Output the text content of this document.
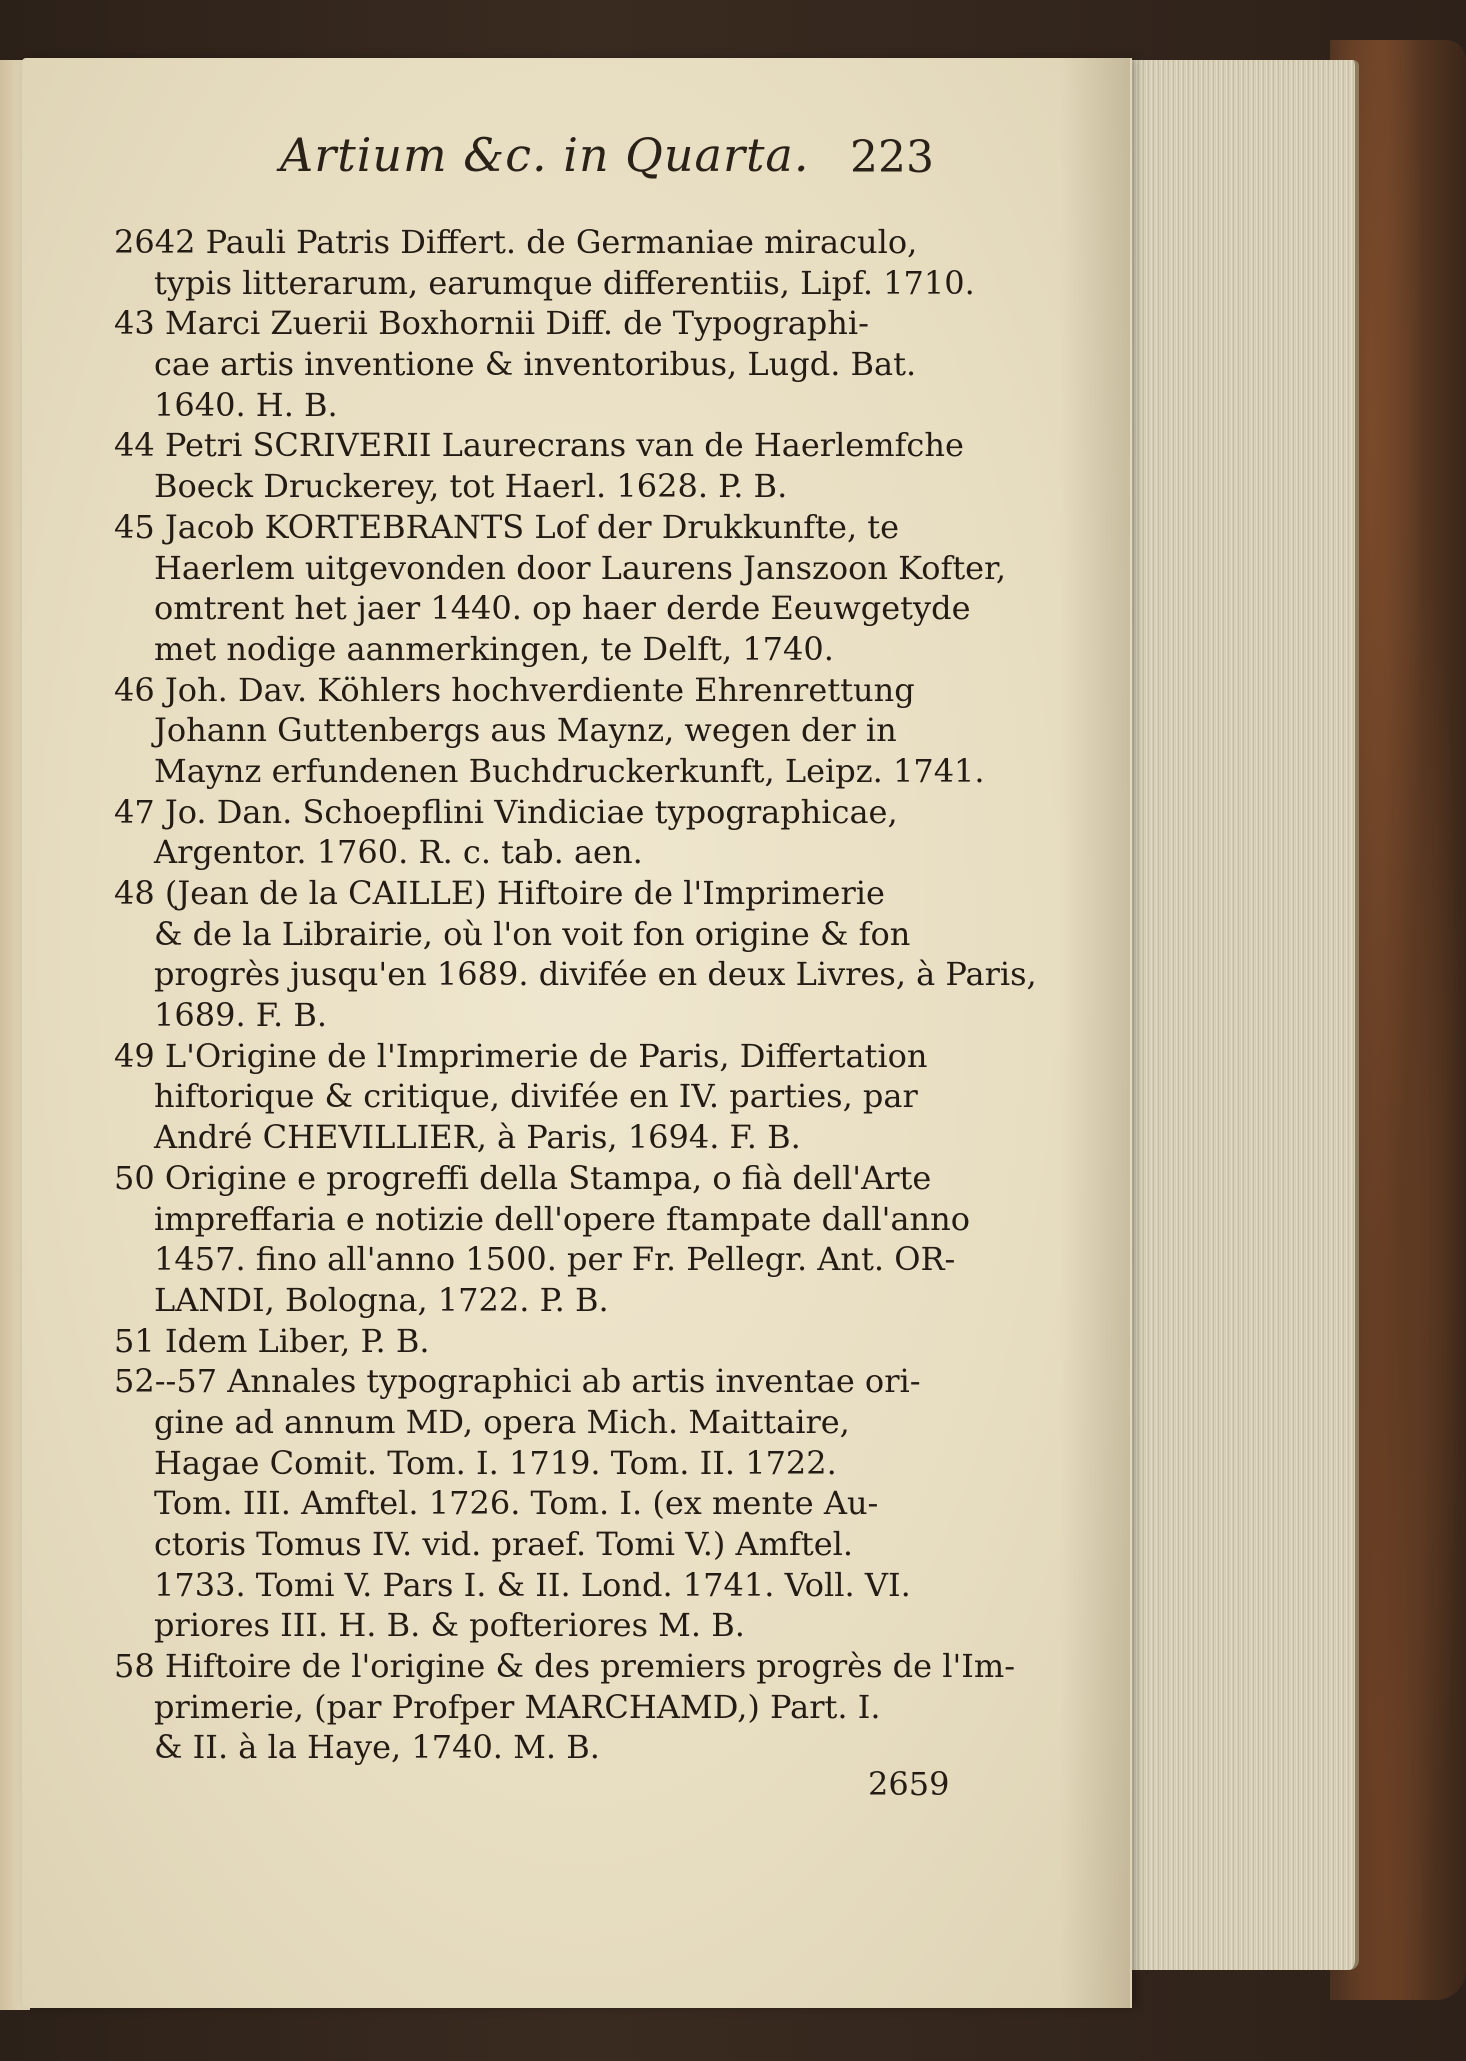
Artium &c. in Quarta. 223
2642 Pauli Patris Differt. de Germaniae miraculo,
typis litterarum, earumque differentiis, Lipf. 1710.
43 Marci Zuerii Boxhornii Diff. de Typographi-
cae artis inventione & inventoribus, Lugd. Bat.
1640. H. B.
44 Petri SCRIVERII Laurecrans van de Haerlemfche
Boeck Druckerey, tot Haerl. 1628. P. B.
45 Jacob KORTEBRANTS Lof der Drukkunfte, te
Haerlem uitgevonden door Laurens Janszoon Kofter,
omtrent het jaer 1440. op haer derde Eeuwgetyde
met nodige aanmerkingen, te Delft, 1740.
46 Joh. Dav. Köhlers hochverdiente Ehrenrettung
Johann Guttenbergs aus Maynz, wegen der in
Maynz erfundenen Buchdruckerkunft, Leipz. 1741.
47 Jo. Dan. Schoepflini Vindiciae typographicae,
Argentor. 1760. R. c. tab. aen.
48 (Jean de la CAILLE) Hiftoire de l'Imprimerie
& de la Librairie, où l'on voit fon origine & fon
progrès jusqu'en 1689. divifée en deux Livres, à Paris,
1689. F. B.
49 L'Origine de l'Imprimerie de Paris, Differtation
hiftorique & critique, divifée en IV. parties, par
André CHEVILLIER, à Paris, 1694. F. B.
50 Origine e progreffi della Stampa, o fià dell'Arte
impreffaria e notizie dell'opere ftampate dall'anno
1457. fino all'anno 1500. per Fr. Pellegr. Ant. OR-
LANDI, Bologna, 1722. P. B.
51 Idem Liber, P. B.
52--57 Annales typographici ab artis inventae ori-
gine ad annum MD, opera Mich. Maittaire,
Hagae Comit. Tom. I. 1719. Tom. II. 1722.
Tom. III. Amftel. 1726. Tom. I. (ex mente Au-
ctoris Tomus IV. vid. praef. Tomi V.) Amftel.
1733. Tomi V. Pars I. & II. Lond. 1741. Voll. VI.
priores III. H. B. & pofteriores M. B.
58 Hiftoire de l'origine & des premiers progrès de l'Im-
primerie, (par Profper MARCHAMD,) Part. I.
& II. à la Haye, 1740. M. B.
2659
